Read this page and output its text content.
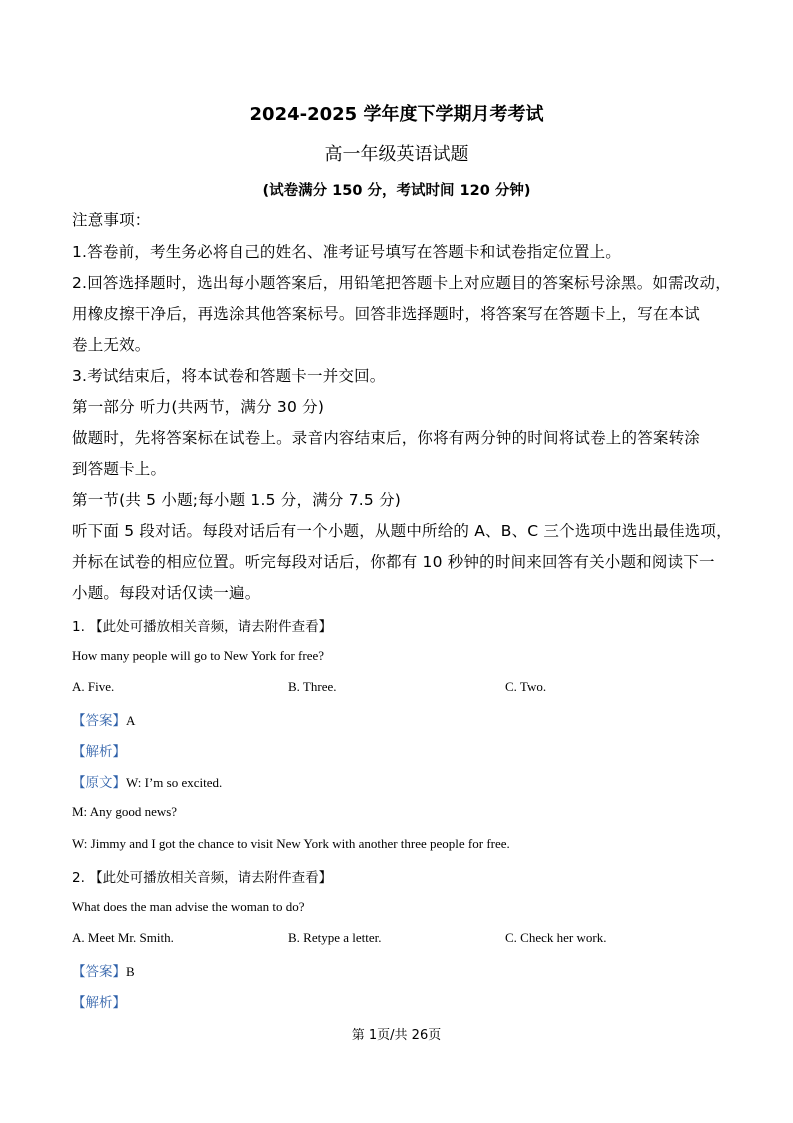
2024-2025 学年度下学期月考考试
高一年级英语试题
(试卷满分 150 分，考试时间 120 分钟)
注意事项：
1.答卷前，考生务必将自己的姓名、准考证号填写在答题卡和试卷指定位置上。
2.回答选择题时，选出每小题答案后，用铅笔把答题卡上对应题目的答案标号涂黑。如需改动，
用橡皮擦干净后，再选涂其他答案标号。回答非选择题时，将答案写在答题卡上，写在本试
卷上无效。
3.考试结束后，将本试卷和答题卡一并交回。
第一部分 听力(共两节，满分 30 分)
做题时，先将答案标在试卷上。录音内容结束后，你将有两分钟的时间将试卷上的答案转涂
到答题卡上。
第一节(共 5 小题;每小题 1.5 分，满分 7.5 分)
听下面 5 段对话。每段对话后有一个小题，从题中所给的 A、B、C 三个选项中选出最佳选项，
并标在试卷的相应位置。听完每段对话后，你都有 10 秒钟的时间来回答有关小题和阅读下一
小题。每段对话仅读一遍。
1. 【此处可播放相关音频，请去附件查看】
How many people will go to New York for free?
A. Five.	B. Three.	C. Two.
【答案】A
【解析】
【原文】W: I’m so excited.
M: Any good news?
W: Jimmy and I got the chance to visit New York with another three people for free.
2. 【此处可播放相关音频，请去附件查看】
What does the man advise the woman to do?
A. Meet Mr. Smith.	B. Retype a letter.	C. Check her work.
【答案】B
【解析】
第 1页/共 26页
